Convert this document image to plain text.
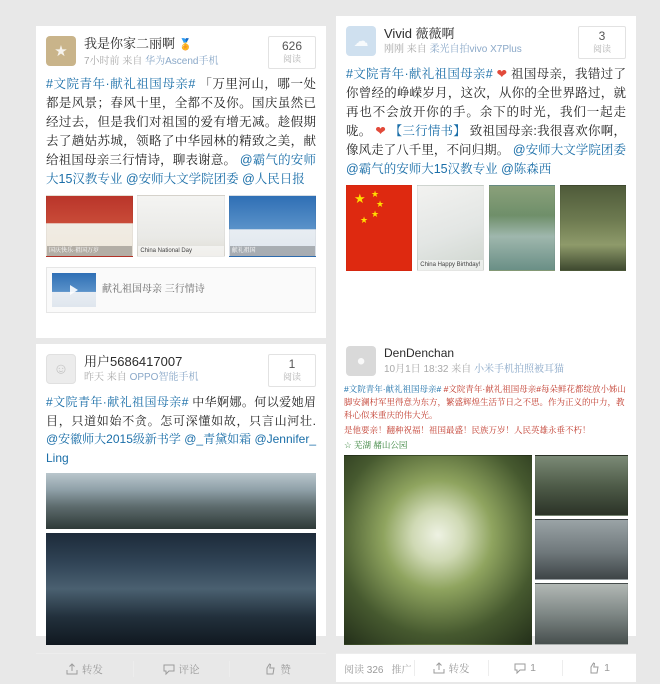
★ 我是你家二丽啊 🏅
7小时前 来自 华为Ascend手机
626
阅读
#文院青年·献礼祖国母亲# 「万里河山，哪一处都是风景；春风十里，全都不及你。国庆虽然已经过去，但是我们对祖国的爱有增无减。趁假期去了趟姑苏城，领略了中华园林的精致之美，献给祖国母亲三行情诗，聊表谢意。 @霸气的安师大15汉教专业 @安师大文学院团委 @人民日报
国庆快乐·祖国万岁	China National Day	献礼祖国
献礼祖国母亲 三行情诗
☁ Vivid 薇薇啊
刚刚 来自 柔光自拍vivo X7Plus
3
阅读
#文院青年·献礼祖国母亲# ❤ 祖国母亲，我错过了你曾经的峥嵘岁月，这次，从你的全世界路过，就再也不会放开你的手。余下的时光，我们一起走咙。 ❤ 【三行情书】 致祖国母亲:我很喜欢你啊，像风走了八千里，不问归期。 @安师大文学院团委 @霸气的安师大15汉教专业 @陈森西
★ ★
★
★
★
China Happy Birthday!
☺ 用户5686417007
昨天 来自 OPPO智能手机
1
阅读
#文院青年·献礼祖国母亲# 中华婀娜。何以爱她眉目，只道如始不贪。怎可深懂如故，只言山河壮. @安徽师大2015级新书学 @_青黛如霜 @Jennifer_Ling
转发	评论	赞
● DenDenchan
10月1日 18:32 来自 小米手机拍照被耳猫
#文院青年·献礼祖国母亲# #文院青年·献礼祖国母亲#每朵鲜花都绽放小姊山脚安澜村军里得意为东方，繁盛辉煌生活节日之不思。作为正义的中力，教科心似来重庆的伟大光。
是他要亲！翻种祝福！祖国最盛！民族万岁！人民英雄永垂不朽！
☆ 芜湖 赭山公园
阅读 326 推广	转发	1	1
